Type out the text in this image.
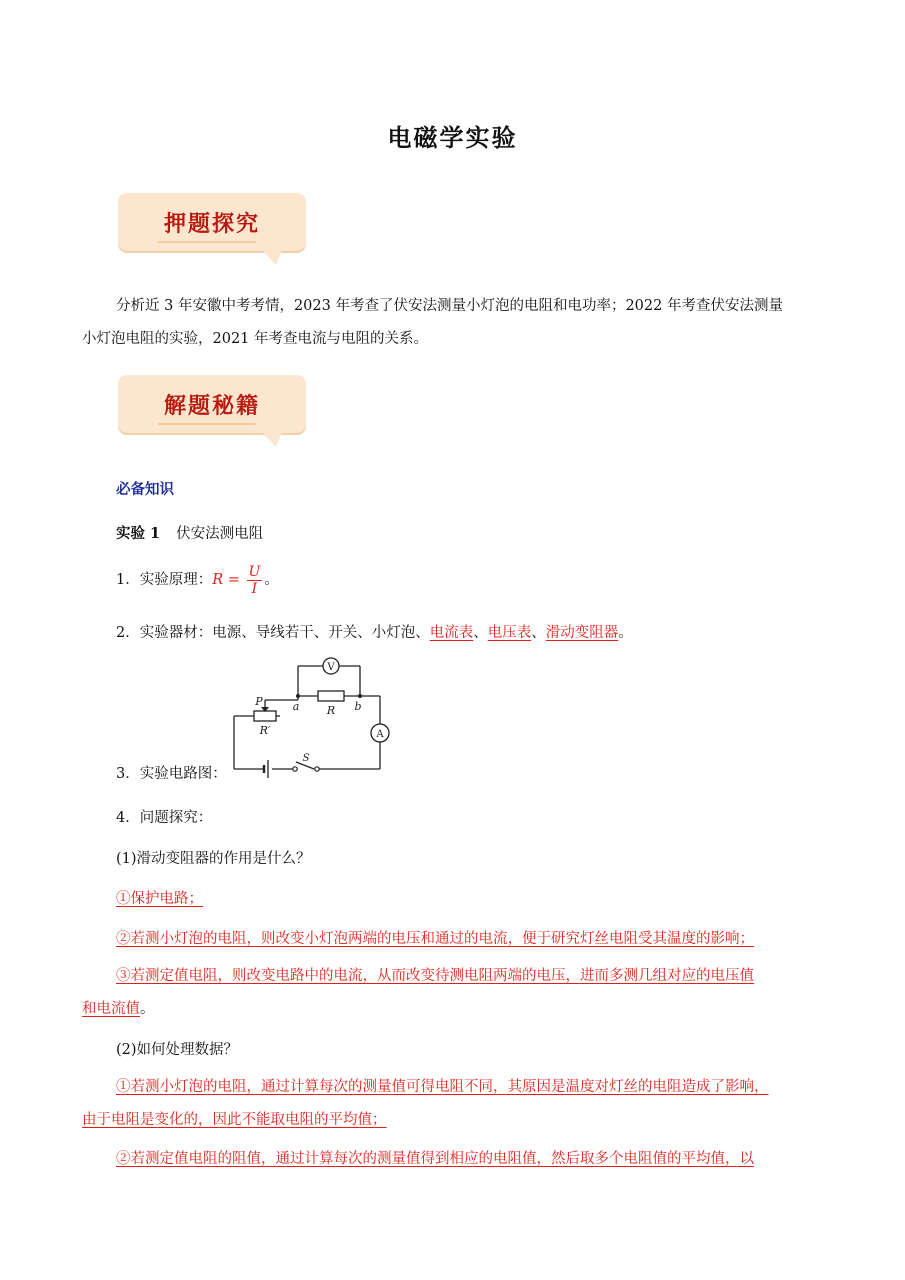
电磁学实验
押题探究

分析近 3 年安徽中考考情，2023 年考查了伏安法测量小灯泡的电阻和电功率；2022 年考查伏安法测量

小灯泡电阻的实验，2021 年考查电流与电阻的关系。

解题秘籍
必备知识
实验 1 伏安法测电阻
1．实验原理：$R = \frac{U}{I}$ 。
2．实验器材：电源、导线若干、开关、小灯泡、电流表、电压表、滑动变阻器。
V
A
a	b
R
R′
P
S
3．实验电路图：
4．问题探究：
(1)滑动变阻器的作用是什么？
①保护电路；
②若测小灯泡的电阻，则改变小灯泡两端的电压和通过的电流，便于研究灯丝电阻受其温度的影响；
③若测定值电阻，则改变电路中的电流，从而改变待测电阻两端的电压，进而多测几组对应的电压值
和电流值。
(2)如何处理数据？
①若测小灯泡的电阻，通过计算每次的测量值可得电阻不同，其原因是温度对灯丝的电阻造成了影响，
由于电阻是变化的，因此不能取电阻的平均值；
②若测定值电阻的阻值，通过计算每次的测量值得到相应的电阻值，然后取多个电阻值的平均值，以
